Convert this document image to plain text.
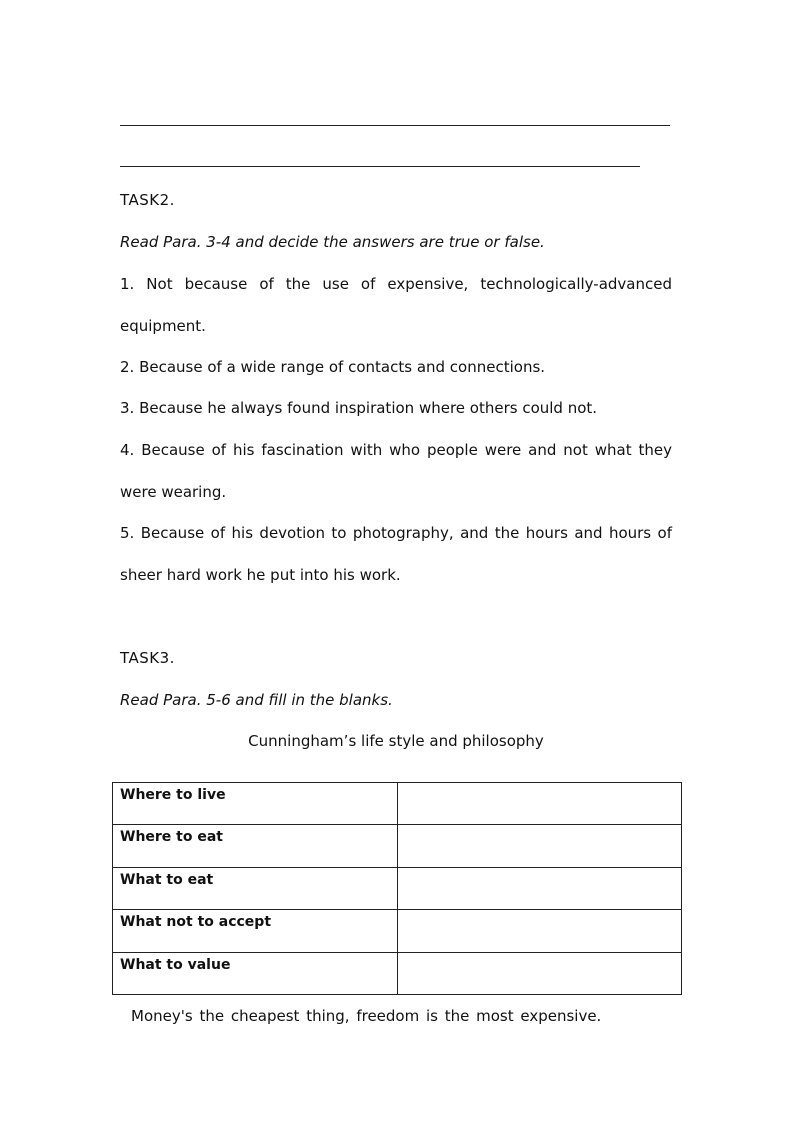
TASK2.

Read Para. 3-4 and decide the answers are true or false.

1. Not because of the use of expensive, technologically-advanced

equipment.

2. Because of a wide range of contacts and connections.

3. Because he always found inspiration where others could not.

4. Because of his fascination with who people were and not what they

were wearing.

5. Because of his devotion to photography, and the hours and hours of

sheer hard work he put into his work.

TASK3.

Read Para. 5-6 and fill in the blanks.

Cunningham’s life style and philosophy

Where to live	
Where to eat	
What to eat	
What not to accept	
What to value	

Money's the cheapest thing, freedom is the most expensive.
